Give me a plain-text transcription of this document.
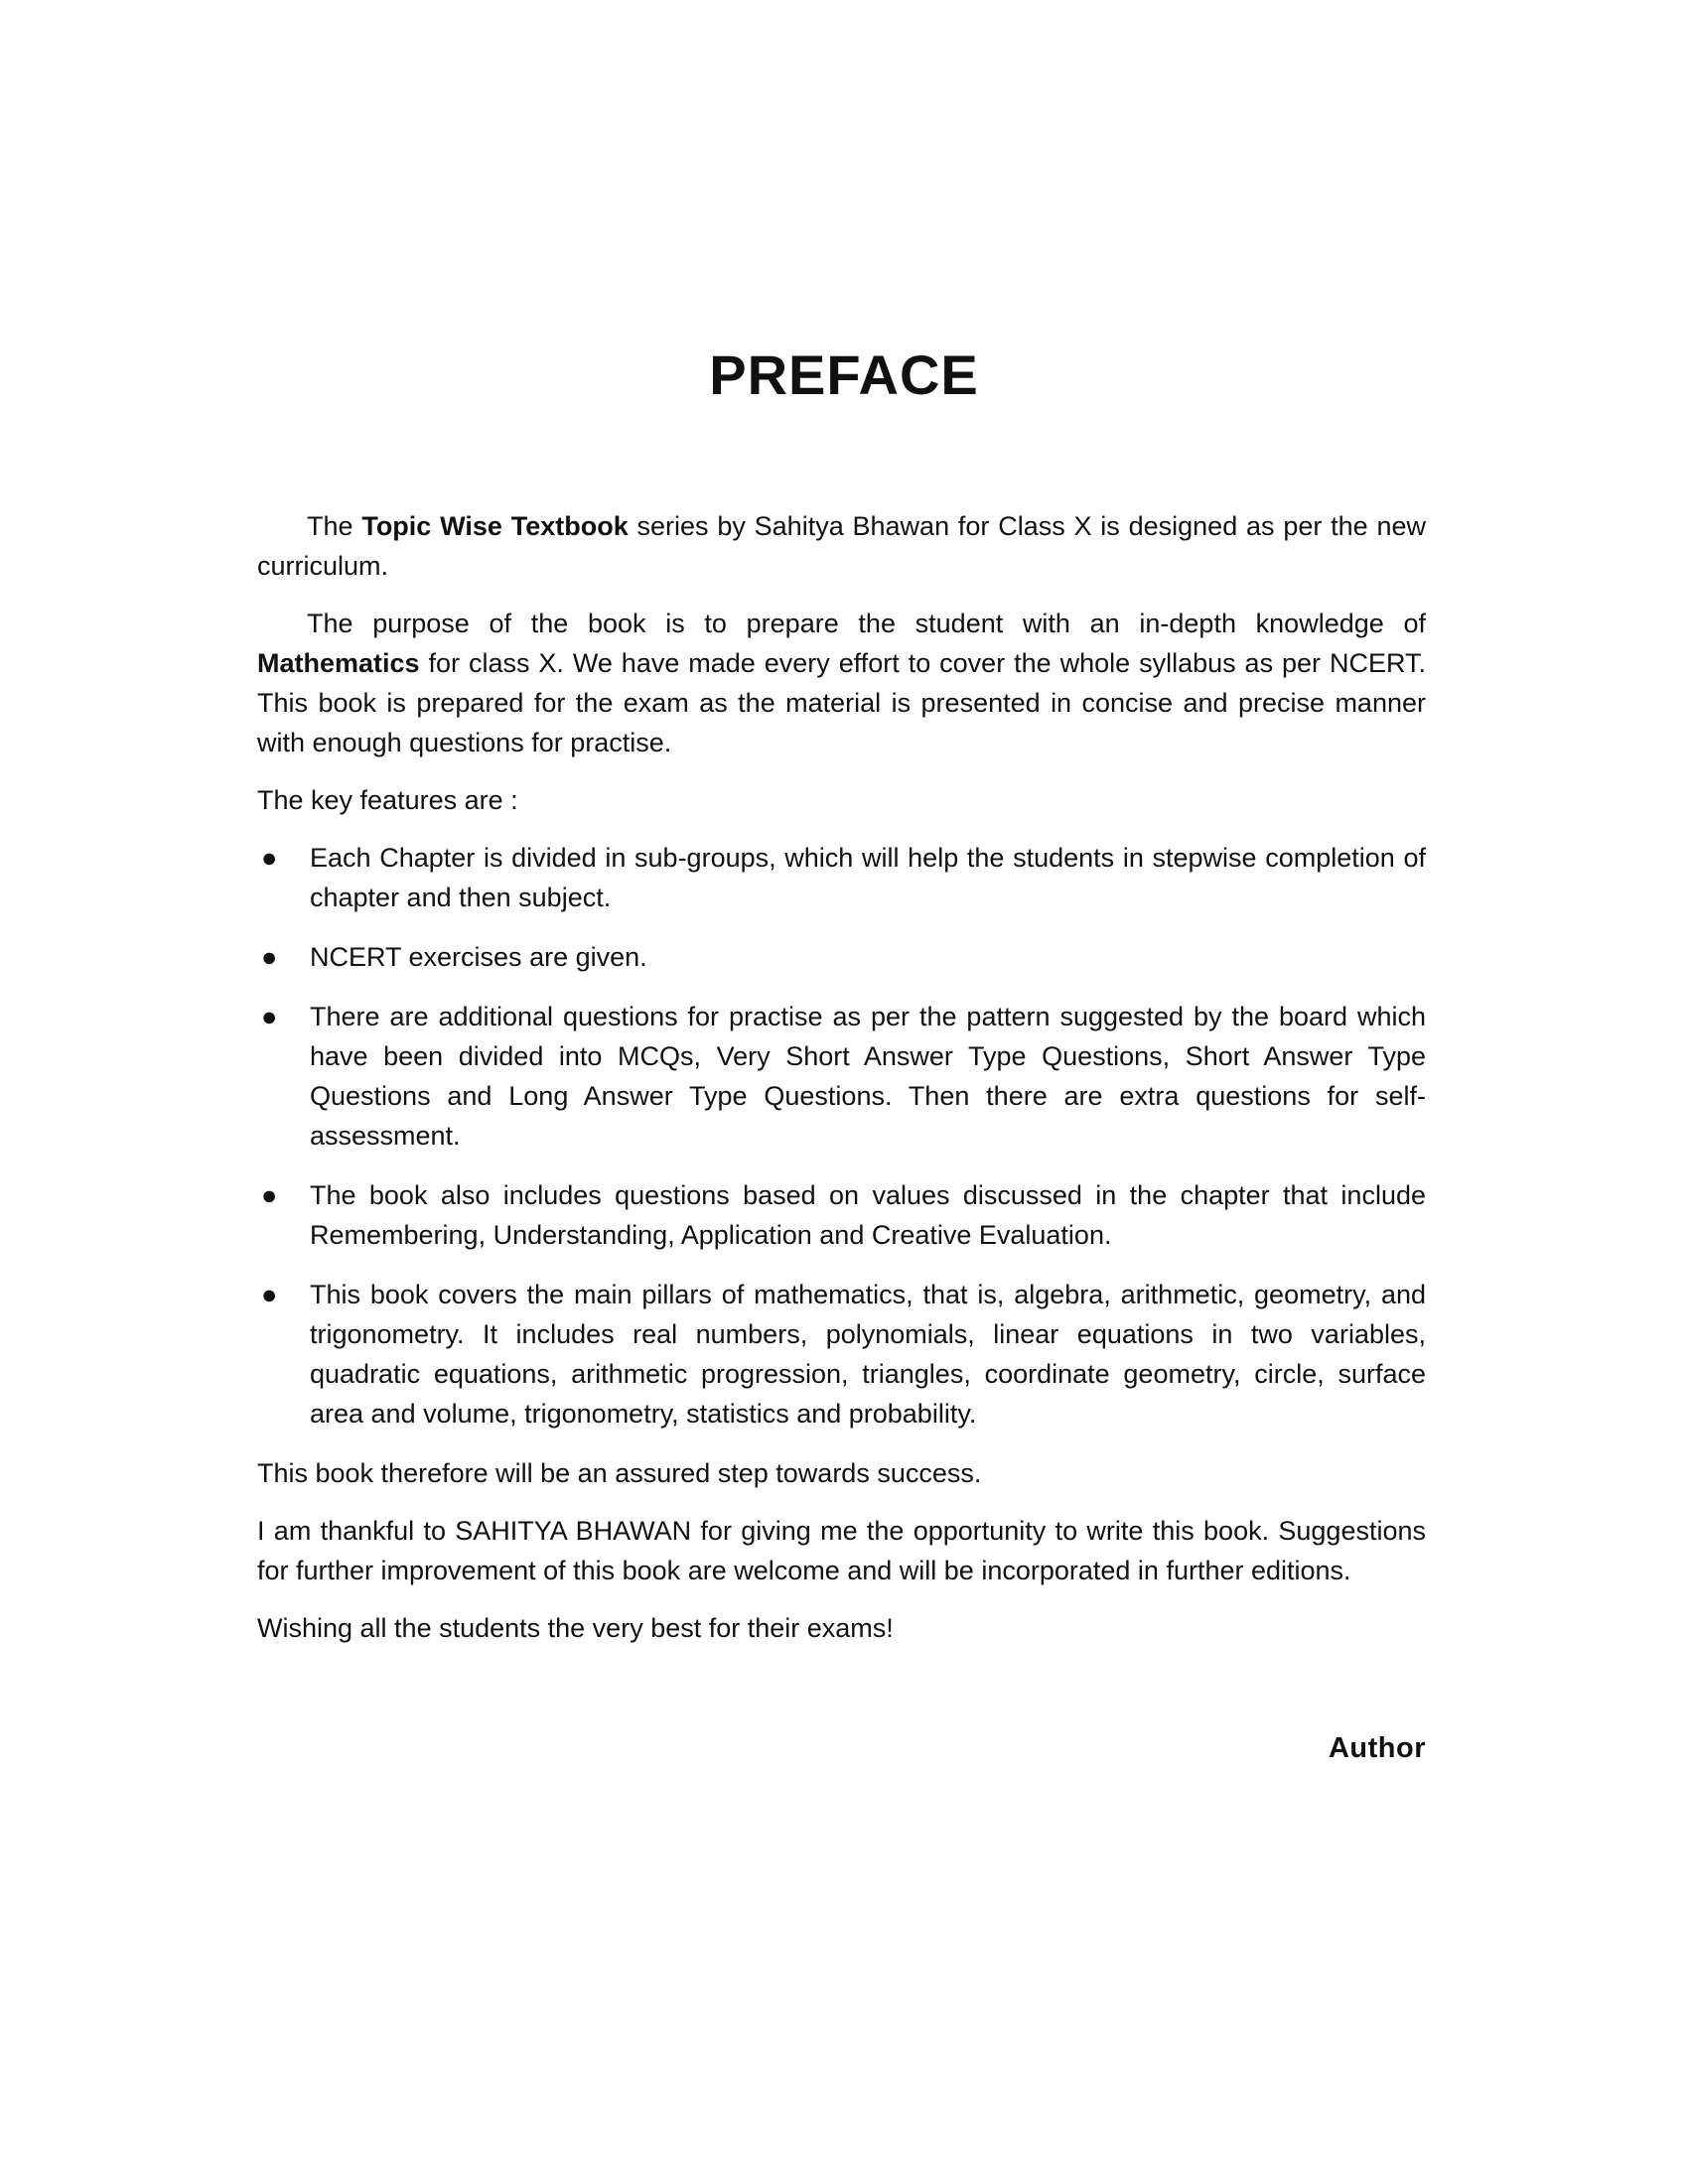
PREFACE

The Topic Wise Textbook series by Sahitya Bhawan for Class X is designed as per the new curriculum.

The purpose of the book is to prepare the student with an in-depth knowledge of Mathematics for class X. We have made every effort to cover the whole syllabus as per NCERT. This book is prepared for the exam as the material is presented in concise and precise manner with enough questions for practise.

The key features are :

● Each Chapter is divided in sub-groups, which will help the students in stepwise completion of chapter and then subject.
● NCERT exercises are given.
● There are additional questions for practise as per the pattern suggested by the board which have been divided into MCQs, Very Short Answer Type Questions, Short Answer Type Questions and Long Answer Type Questions. Then there are extra questions for self-assessment.
● The book also includes questions based on values discussed in the chapter that include Remembering, Understanding, Application and Creative Evaluation.
● This book covers the main pillars of mathematics, that is, algebra, arithmetic, geometry, and trigonometry. It includes real numbers, polynomials, linear equations in two variables, quadratic equations, arithmetic progression, triangles, coordinate geometry, circle, surface area and volume, trigonometry, statistics and probability.

This book therefore will be an assured step towards success.

I am thankful to SAHITYA BHAWAN for giving me the opportunity to write this book. Suggestions for further improvement of this book are welcome and will be incorporated in further editions.

Wishing all the students the very best for their exams!

Author
